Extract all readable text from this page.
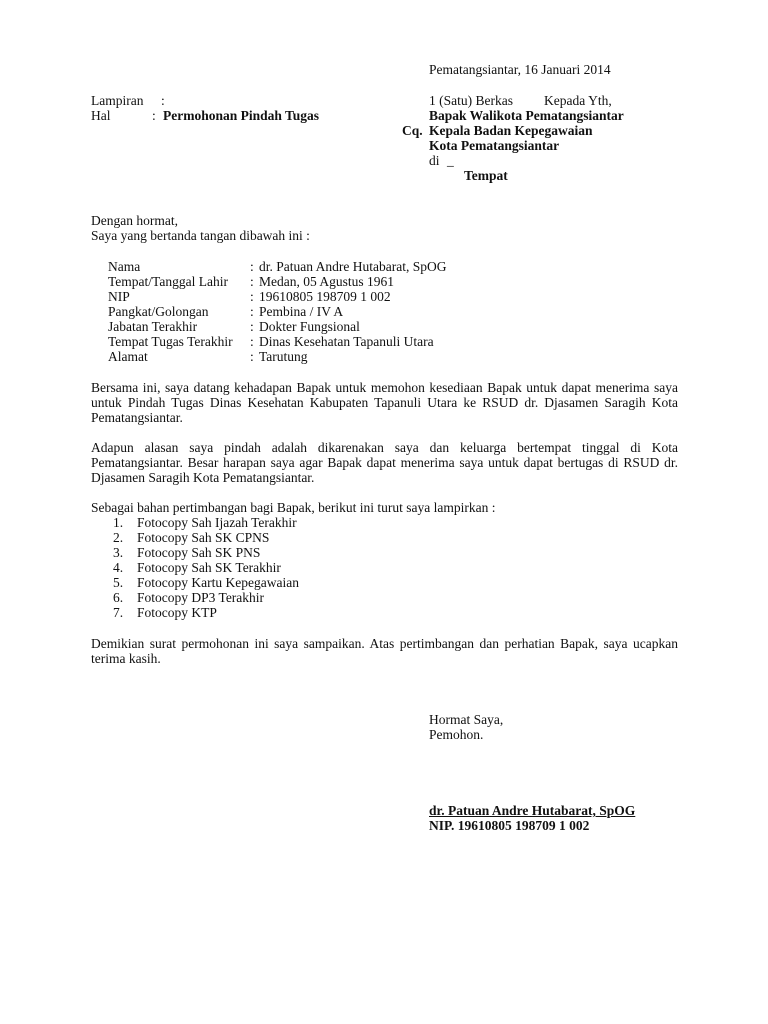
Pematangsiantar, 16 Januari 2014
Lampiran :
Hal	: Permohonan Pindah Tugas
1 (Satu) Berkas Kepada Yth,
Bapak Walikota Pematangsiantar
Cq. Kepala Badan Kepegawaian
Kota Pematangsiantar
di _
Tempat
Dengan hormat,
Saya yang bertanda tangan dibawah ini :
Nama	: dr. Patuan Andre Hutabarat, SpOG
Tempat/Tanggal Lahir : Medan, 05 Agustus 1961
NIP	: 19610805 198709 1 002
Pangkat/Golongan	: Pembina / IV A
Jabatan Terakhir	: Dokter Fungsional
Tempat Tugas Terakhir : Dinas Kesehatan Tapanuli Utara
Alamat	: Tarutung

Bersama ini, saya datang kehadapan Bapak untuk memohon kesediaan Bapak untuk dapat menerima saya untuk Pindah Tugas Dinas Kesehatan Kabupaten Tapanuli Utara ke RSUD dr. Djasamen Saragih Kota Pematangsiantar.

Adapun alasan saya pindah adalah dikarenakan saya dan keluarga bertempat tinggal di Kota Pematangsiantar. Besar harapan saya agar Bapak dapat menerima saya untuk dapat bertugas di RSUD dr. Djasamen Saragih Kota Pematangsiantar.

Sebagai bahan pertimbangan bagi Bapak, berikut ini turut saya lampirkan :
1. Fotocopy Sah Ijazah Terakhir
2. Fotocopy Sah SK CPNS
3. Fotocopy Sah SK PNS
4. Fotocopy Sah SK Terakhir
5. Fotocopy Kartu Kepegawaian
6. Fotocopy DP3 Terakhir
7. Fotocopy KTP

Demikian surat permohonan ini saya sampaikan. Atas pertimbangan dan perhatian Bapak, saya ucapkan terima kasih.

Hormat Saya,
Pemohon.
dr. Patuan Andre Hutabarat, SpOG
NIP. 19610805 198709 1 002
